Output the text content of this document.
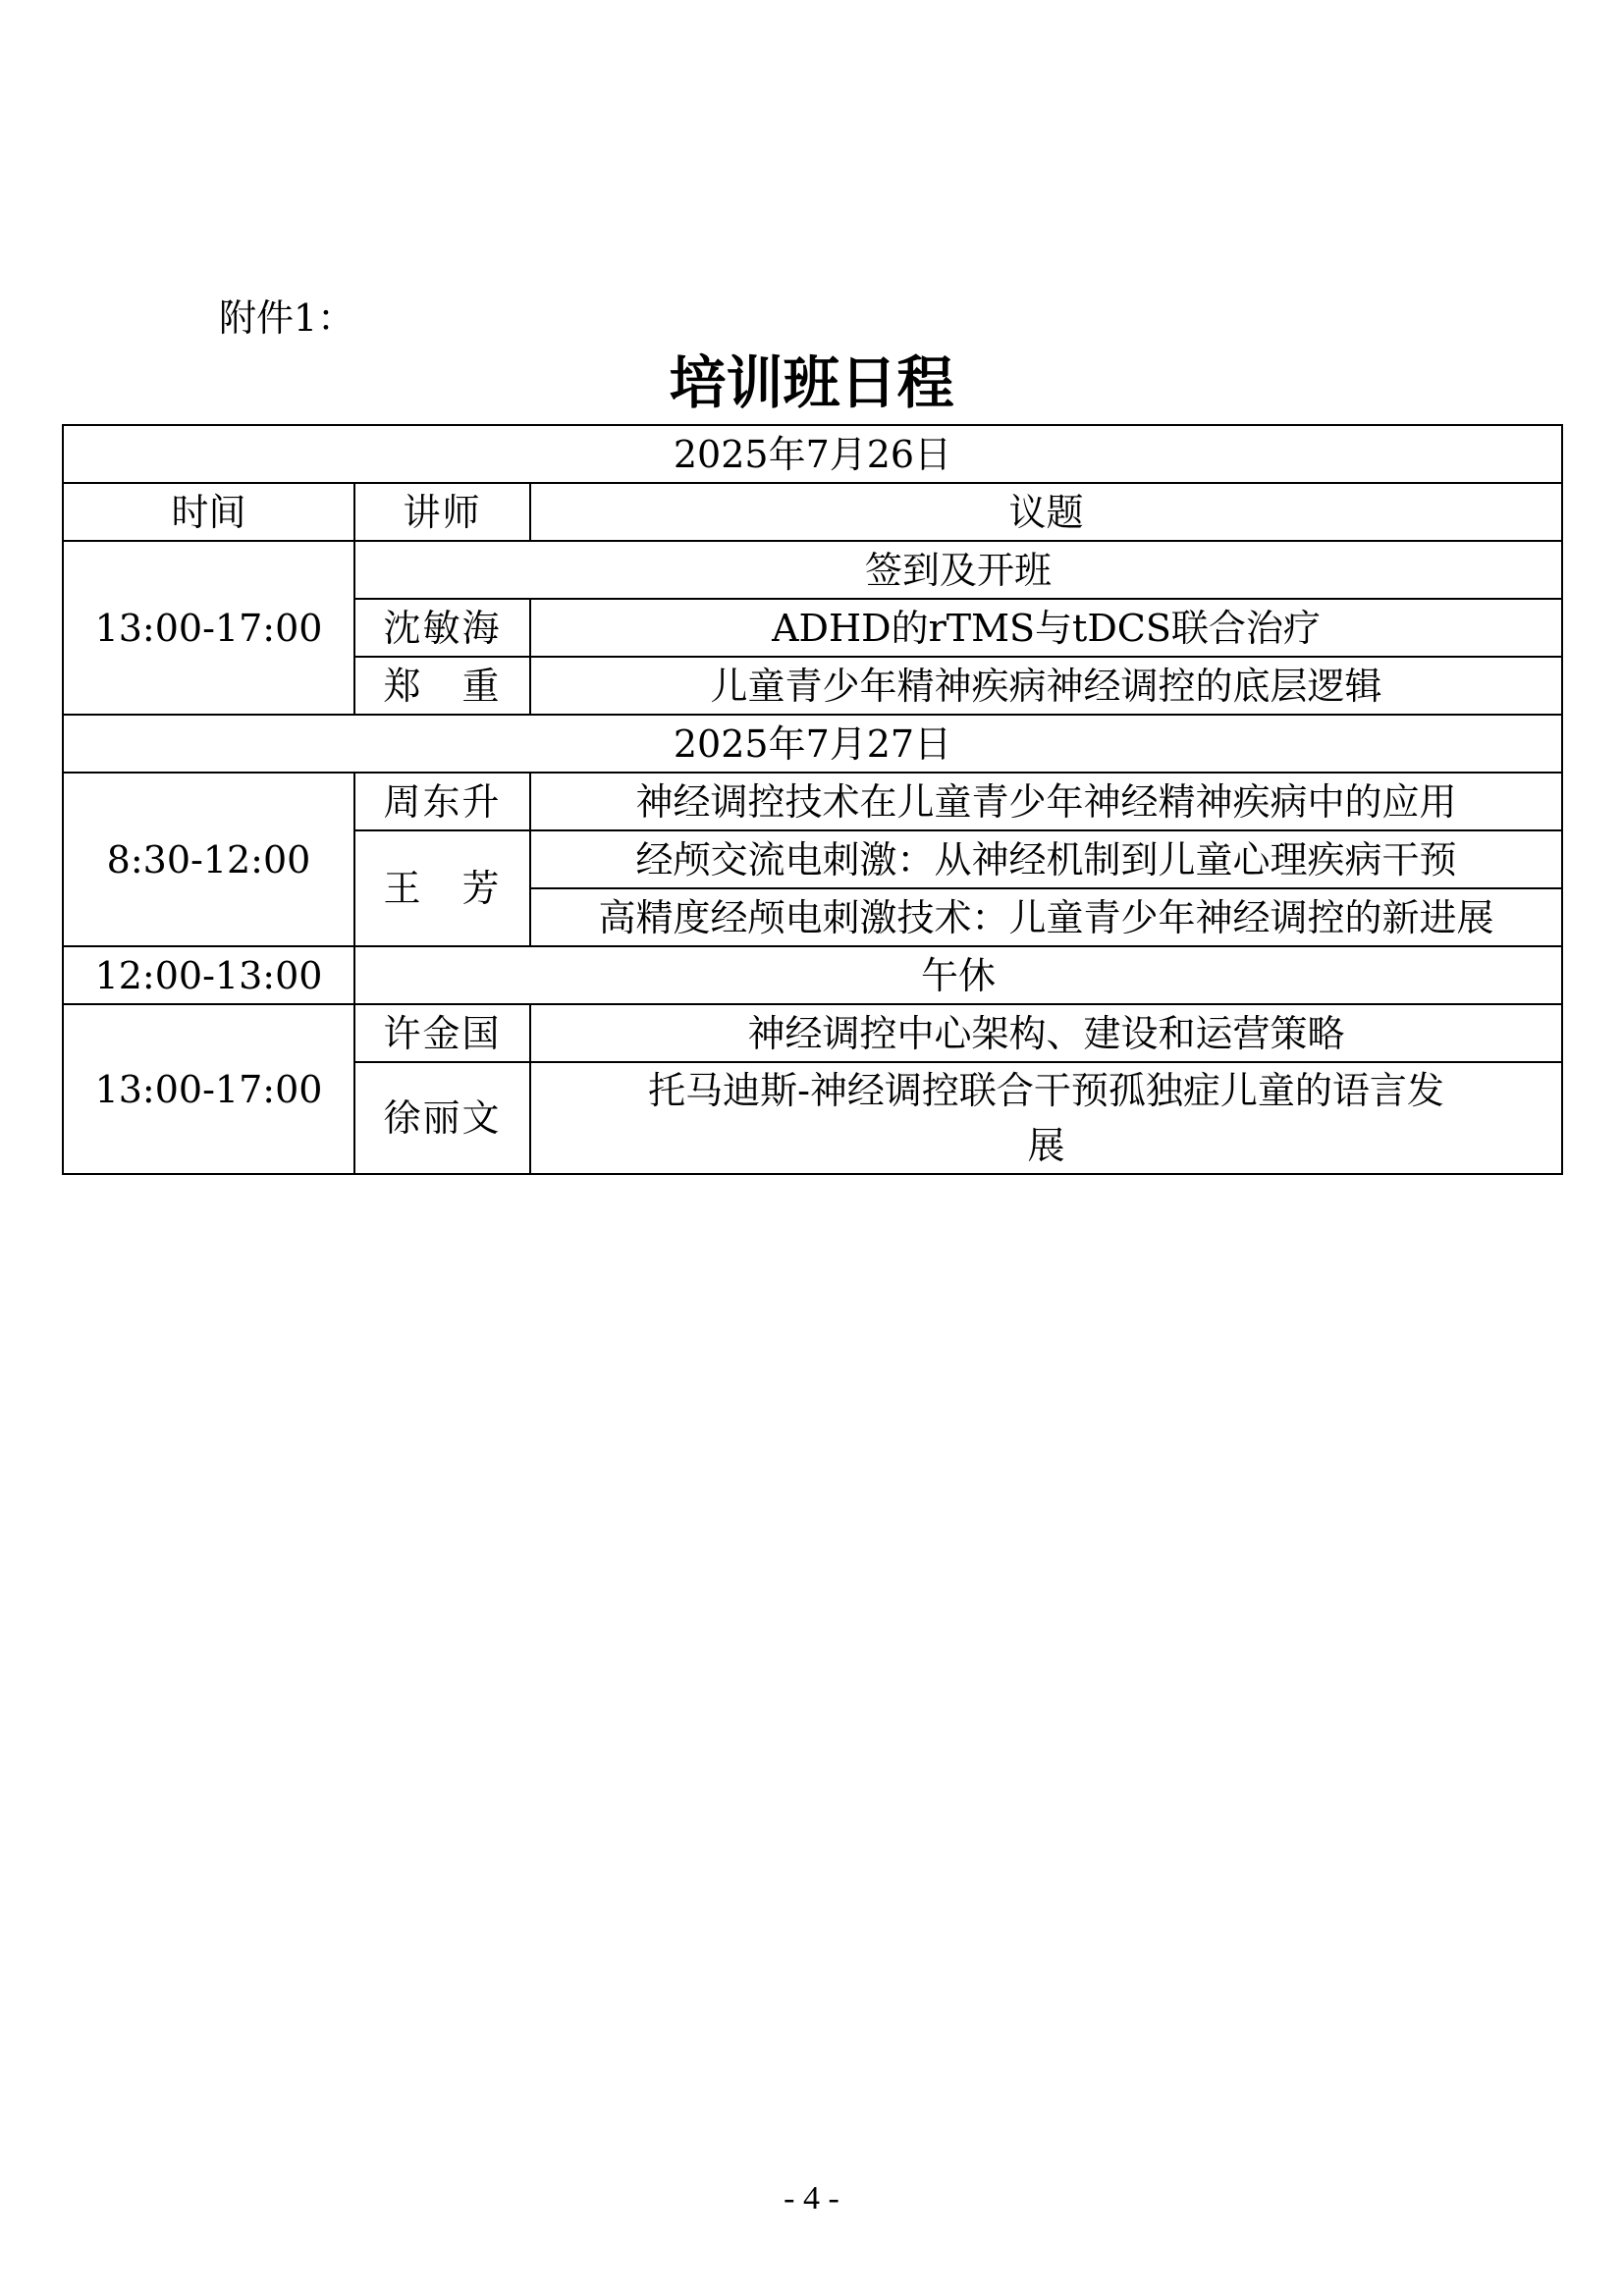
附件1：
培训班日程
2025年7月26日		
时间	讲师	议题
13:00-17:00	签到及开班	
	沈敏海	ADHD的rTMS与tDCS联合治疗
	郑　重	儿童青少年精神疾病神经调控的底层逻辑
2025年7月27日		
8:30-12:00	周东升	神经调控技术在儿童青少年神经精神疾病中的应用
	王　芳	经颅交流电刺激：从神经机制到儿童心理疾病干预
		高精度经颅电刺激技术：儿童青少年神经调控的新进展
12:00-13:00	午休	
13:00-17:00	许金国	神经调控中心架构、建设和运营策略
	徐丽文	托马迪斯-神经调控联合干预孤独症儿童的语言发展
- 4 -
